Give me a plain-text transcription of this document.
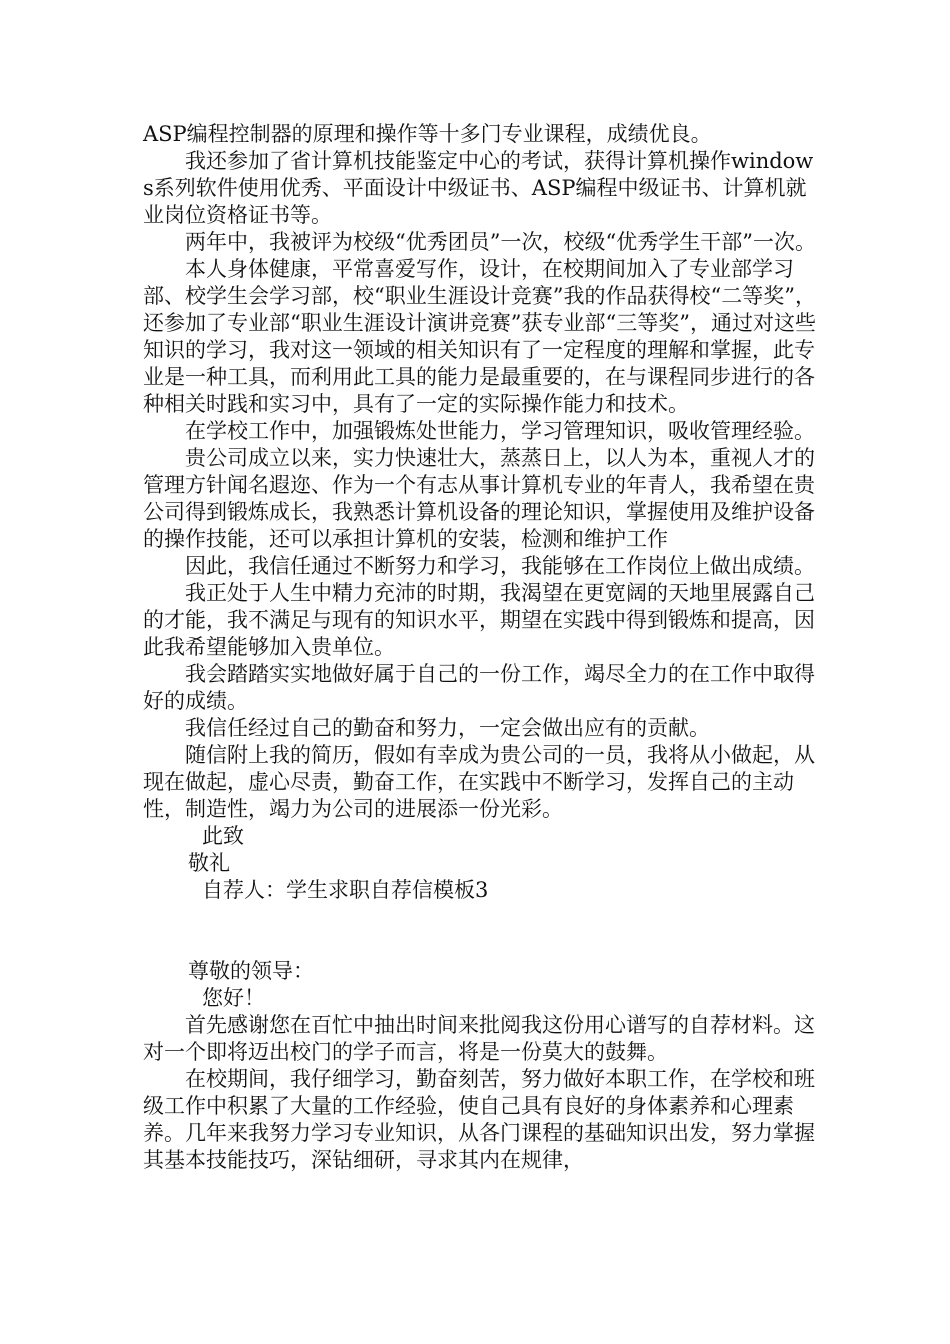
ASP编程控制器的原理和操作等十多门专业课程，成绩优良。

我还参加了省计算机技能鉴定中心的考试，获得计算机操作windows系列软件使用优秀、平面设计中级证书、ASP编程中级证书、计算机就业岗位资格证书等。

两年中，我被评为校级“优秀团员”一次，校级“优秀学生干部”一次。

本人身体健康，平常喜爱写作，设计，在校期间加入了专业部学习部、校学生会学习部，校“职业生涯设计竞赛”我的作品获得校“二等奖”，还参加了专业部“职业生涯设计演讲竞赛”获专业部“三等奖”，通过对这些知识的学习，我对这一领域的相关知识有了一定程度的理解和掌握，此专业是一种工具，而利用此工具的能力是最重要的，在与课程同步进行的各种相关时践和实习中，具有了一定的实际操作能力和技术。

在学校工作中，加强锻炼处世能力，学习管理知识，吸收管理经验。

贵公司成立以来，实力快速壮大，蒸蒸日上，以人为本，重视人才的管理方针闻名遐迩、作为一个有志从事计算机专业的年青人，我希望在贵公司得到锻炼成长，我熟悉计算机设备的理论知识，掌握使用及维护设备的操作技能，还可以承担计算机的安装，检测和维护工作

因此，我信任通过不断努力和学习，我能够在工作岗位上做出成绩。

我正处于人生中精力充沛的时期，我渴望在更宽阔的天地里展露自己的才能，我不满足与现有的知识水平，期望在实践中得到锻炼和提高，因此我希望能够加入贵单位。

我会踏踏实实地做好属于自己的一份工作，竭尽全力的在工作中取得好的成绩。

我信任经过自己的勤奋和努力，一定会做出应有的贡献。

随信附上我的简历，假如有幸成为贵公司的一员，我将从小做起，从现在做起，虚心尽责，勤奋工作，在实践中不断学习，发挥自己的主动性，制造性，竭力为公司的进展添一份光彩。

此致

敬礼

自荐人：学生求职自荐信模板3

尊敬的领导：

您好！

首先感谢您在百忙中抽出时间来批阅我这份用心谱写的自荐材料。这对一个即将迈出校门的学子而言，将是一份莫大的鼓舞。

在校期间，我仔细学习，勤奋刻苦，努力做好本职工作，在学校和班级工作中积累了大量的工作经验，使自己具有良好的身体素养和心理素养。几年来我努力学习专业知识，从各门课程的基础知识出发，努力掌握其基本技能技巧，深钻细研，寻求其内在规律，
